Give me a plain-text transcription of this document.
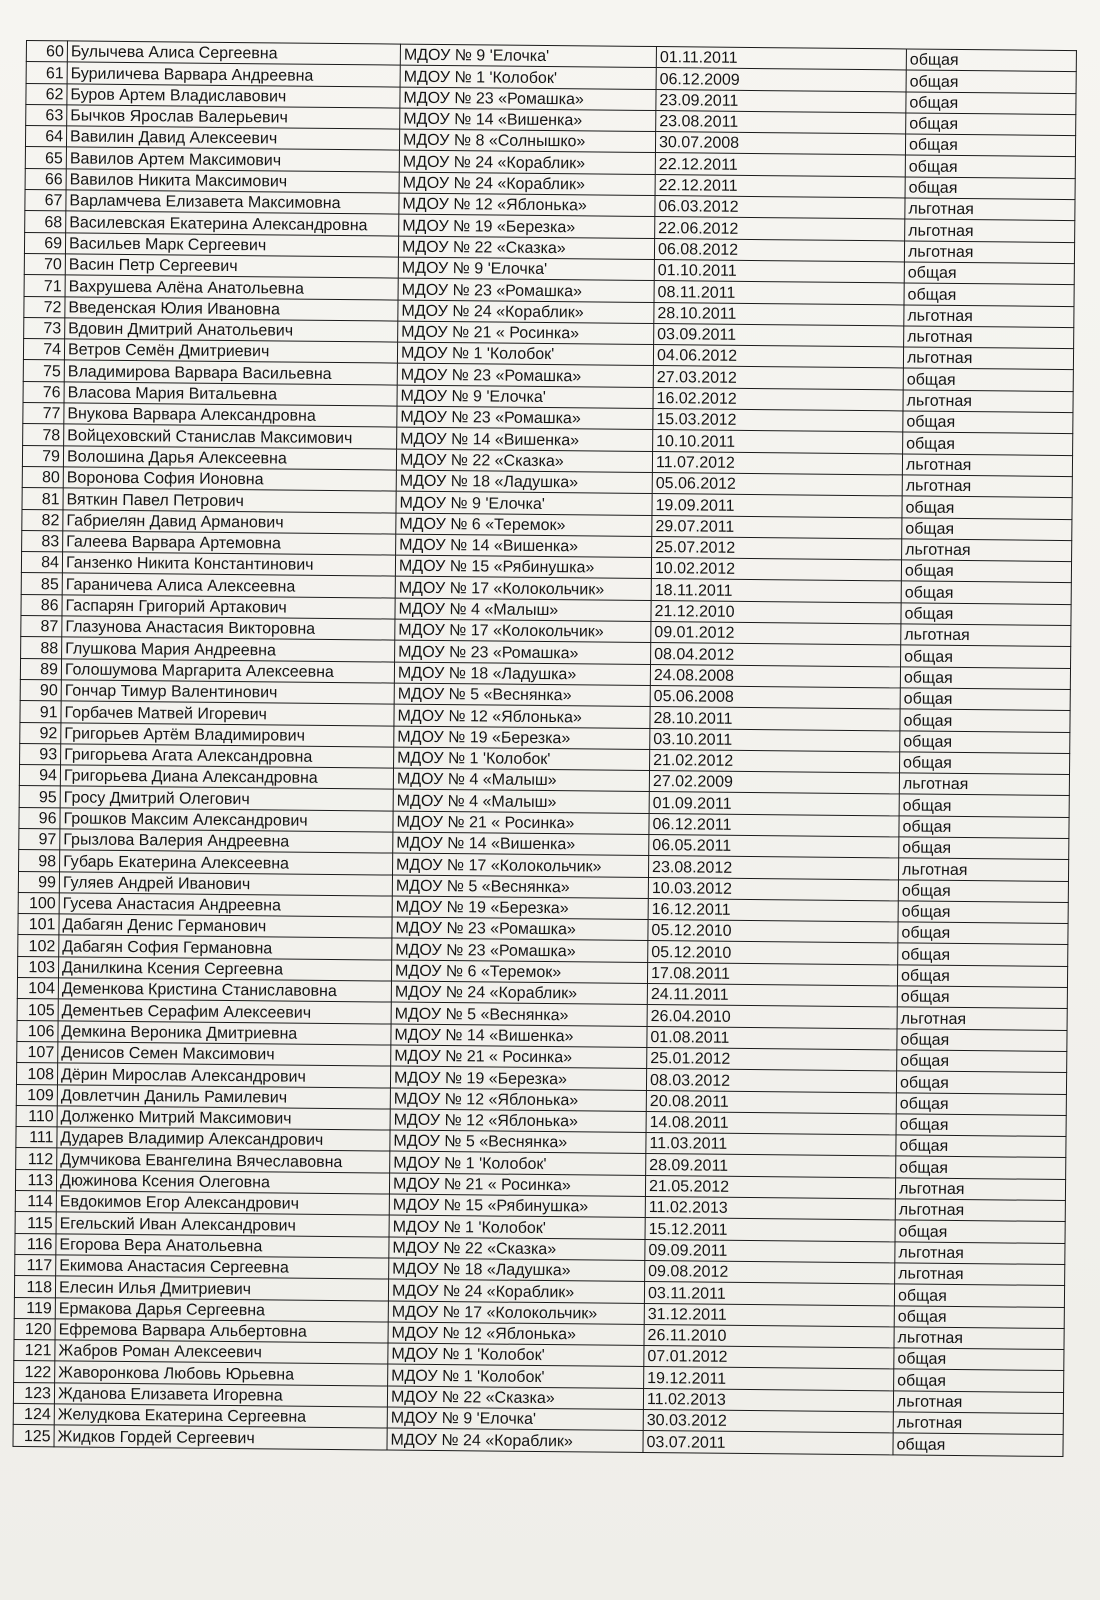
60	Булычева Алиса Сергеевна	МДОУ № 9 'Елочка'	01.11.2011	общая
61	Буриличева Варвара Андреевна	МДОУ № 1 'Колобок'	06.12.2009	общая
62	Буров Артем Владиславович	МДОУ № 23 «Ромашка»	23.09.2011	общая
63	Бычков Ярослав Валерьевич	МДОУ № 14 «Вишенка»	23.08.2011	общая
64	Вавилин Давид Алексеевич	МДОУ № 8 «Солнышко»	30.07.2008	общая
65	Вавилов Артем Максимович	МДОУ № 24 «Кораблик»	22.12.2011	общая
66	Вавилов Никита Максимович	МДОУ № 24 «Кораблик»	22.12.2011	общая
67	Варламчева Елизавета Максимовна	МДОУ № 12 «Яблонька»	06.03.2012	льготная
68	Василевская Екатерина Александровна	МДОУ № 19 «Березка»	22.06.2012	льготная
69	Васильев Марк Сергеевич	МДОУ № 22 «Сказка»	06.08.2012	льготная
70	Васин Петр Сергеевич	МДОУ № 9 'Елочка'	01.10.2011	общая
71	Вахрушева Алёна Анатольевна	МДОУ № 23 «Ромашка»	08.11.2011	общая
72	Введенская Юлия Ивановна	МДОУ № 24 «Кораблик»	28.10.2011	льготная
73	Вдовин Дмитрий Анатольевич	МДОУ № 21 « Росинка»	03.09.2011	льготная
74	Ветров Семён Дмитриевич	МДОУ № 1 'Колобок'	04.06.2012	льготная
75	Владимирова Варвара Васильевна	МДОУ № 23 «Ромашка»	27.03.2012	общая
76	Власова Мария Витальевна	МДОУ № 9 'Елочка'	16.02.2012	льготная
77	Внукова Варвара Александровна	МДОУ № 23 «Ромашка»	15.03.2012	общая
78	Войцеховский Станислав Максимович	МДОУ № 14 «Вишенка»	10.10.2011	общая
79	Волошина Дарья Алексеевна	МДОУ № 22 «Сказка»	11.07.2012	льготная
80	Воронова София Ионовна	МДОУ № 18 «Ладушка»	05.06.2012	льготная
81	Вяткин Павел Петрович	МДОУ № 9 'Елочка'	19.09.2011	общая
82	Габриелян Давид Арманович	МДОУ № 6 «Теремок»	29.07.2011	общая
83	Галеева Варвара Артемовна	МДОУ № 14 «Вишенка»	25.07.2012	льготная
84	Ганзенко Никита Константинович	МДОУ № 15 «Рябинушка»	10.02.2012	общая
85	Гараничева Алиса Алексеевна	МДОУ № 17 «Колокольчик»	18.11.2011	общая
86	Гаспарян Григорий Артакович	МДОУ № 4 «Малыш»	21.12.2010	общая
87	Глазунова Анастасия Викторовна	МДОУ № 17 «Колокольчик»	09.01.2012	льготная
88	Глушкова Мария Андреевна	МДОУ № 23 «Ромашка»	08.04.2012	общая
89	Голошумова Маргарита Алексеевна	МДОУ № 18 «Ладушка»	24.08.2008	общая
90	Гончар Тимур Валентинович	МДОУ № 5 «Веснянка»	05.06.2008	общая
91	Горбачев Матвей Игоревич	МДОУ № 12 «Яблонька»	28.10.2011	общая
92	Григорьев Артём Владимирович	МДОУ № 19 «Березка»	03.10.2011	общая
93	Григорьева Агата Александровна	МДОУ № 1 'Колобок'	21.02.2012	общая
94	Григорьева Диана Александровна	МДОУ № 4 «Малыш»	27.02.2009	льготная
95	Гросу Дмитрий Олегович	МДОУ № 4 «Малыш»	01.09.2011	общая
96	Грошков Максим Александрович	МДОУ № 21 « Росинка»	06.12.2011	общая
97	Грызлова Валерия Андреевна	МДОУ № 14 «Вишенка»	06.05.2011	общая
98	Губарь Екатерина Алексеевна	МДОУ № 17 «Колокольчик»	23.08.2012	льготная
99	Гуляев Андрей Иванович	МДОУ № 5 «Веснянка»	10.03.2012	общая
100	Гусева Анастасия Андреевна	МДОУ № 19 «Березка»	16.12.2011	общая
101	Дабагян Денис Германович	МДОУ № 23 «Ромашка»	05.12.2010	общая
102	Дабагян София Германовна	МДОУ № 23 «Ромашка»	05.12.2010	общая
103	Данилкина Ксения Сергеевна	МДОУ № 6 «Теремок»	17.08.2011	общая
104	Деменкова Кристина Станиславовна	МДОУ № 24 «Кораблик»	24.11.2011	общая
105	Дементьев Серафим Алексеевич	МДОУ № 5 «Веснянка»	26.04.2010	льготная
106	Демкина Вероника Дмитриевна	МДОУ № 14 «Вишенка»	01.08.2011	общая
107	Денисов Семен Максимович	МДОУ № 21 « Росинка»	25.01.2012	общая
108	Дёрин Мирослав Александрович	МДОУ № 19 «Березка»	08.03.2012	общая
109	Довлетчин Даниль Рамилевич	МДОУ № 12 «Яблонька»	20.08.2011	общая
110	Долженко Митрий Максимович	МДОУ № 12 «Яблонька»	14.08.2011	общая
111	Дударев Владимир Александрович	МДОУ № 5 «Веснянка»	11.03.2011	общая
112	Думчикова Евангелина Вячеславовна	МДОУ № 1 'Колобок'	28.09.2011	общая
113	Дюжинова Ксения Олеговна	МДОУ № 21 « Росинка»	21.05.2012	льготная
114	Евдокимов Егор Александрович	МДОУ № 15 «Рябинушка»	11.02.2013	льготная
115	Егельский Иван Александрович	МДОУ № 1 'Колобок'	15.12.2011	общая
116	Егорова Вера Анатольевна	МДОУ № 22 «Сказка»	09.09.2011	льготная
117	Екимова Анастасия Сергеевна	МДОУ № 18 «Ладушка»	09.08.2012	льготная
118	Елесин Илья Дмитриевич	МДОУ № 24 «Кораблик»	03.11.2011	общая
119	Ермакова Дарья Сергеевна	МДОУ № 17 «Колокольчик»	31.12.2011	общая
120	Ефремова Варвара Альбертовна	МДОУ № 12 «Яблонька»	26.11.2010	льготная
121	Жабров Роман Алексеевич	МДОУ № 1 'Колобок'	07.01.2012	общая
122	Жаворонкова Любовь Юрьевна	МДОУ № 1 'Колобок'	19.12.2011	общая
123	Жданова Елизавета Игоревна	МДОУ № 22 «Сказка»	11.02.2013	льготная
124	Желудкова Екатерина Сергеевна	МДОУ № 9 'Елочка'	30.03.2012	льготная
125	Жидков Гордей Сергеевич	МДОУ № 24 «Кораблик»	03.07.2011	общая
